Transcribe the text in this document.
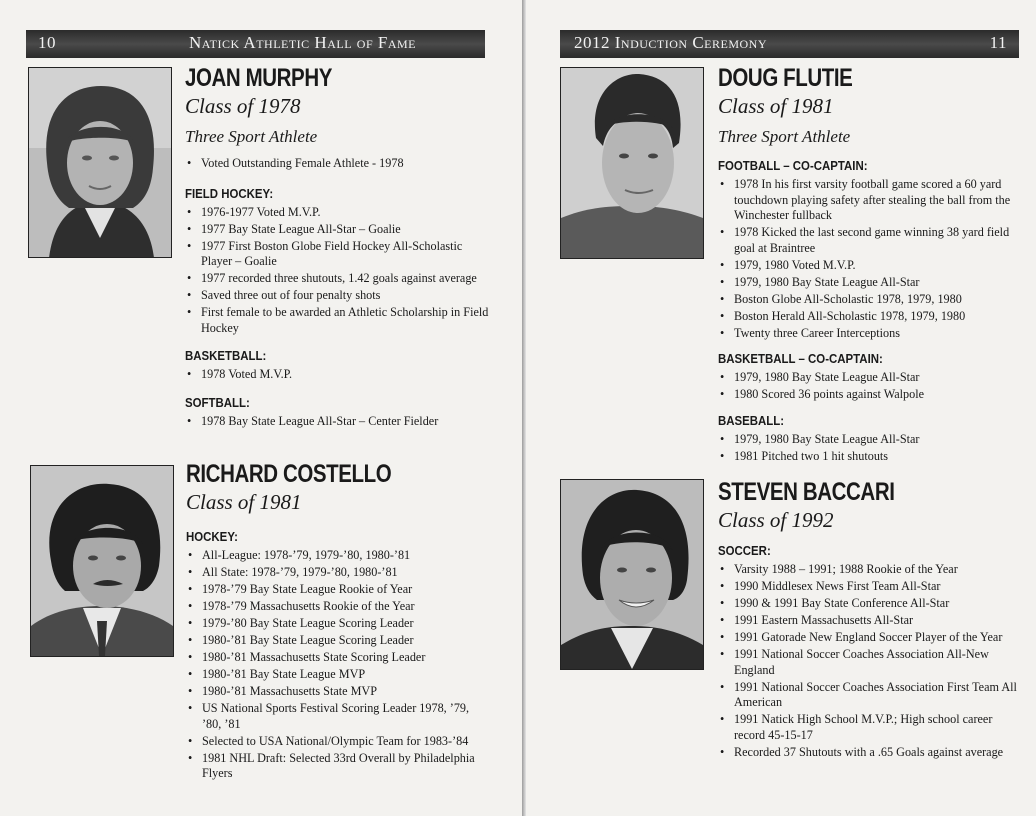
10	Natick Athletic Hall of Fame
JOAN MURPHY
Class of 1978
Three Sport Athlete
• Voted Outstanding Female Athlete - 1978
FIELD HOCKEY:
• 1976-1977 Voted M.V.P.
• 1977 Bay State League All-Star – Goalie
• 1977 First Boston Globe Field Hockey All-Scholastic Player – Goalie
• 1977 recorded three shutouts, 1.42 goals against average
• Saved three out of four penalty shots
• First female to be awarded an Athletic Scholarship in Field Hockey
BASKETBALL:
• 1978 Voted M.V.P.
SOFTBALL:
• 1978 Bay State League All-Star – Center Fielder
RICHARD COSTELLO
Class of 1981
HOCKEY:
• All-League: 1978-’79, 1979-’80, 1980-’81
• All State: 1978-’79, 1979-’80, 1980-’81
• 1978-’79 Bay State League Rookie of Year
• 1978-’79 Massachusetts Rookie of the Year
• 1979-’80 Bay State League Scoring Leader
• 1980-’81 Bay State League Scoring Leader
• 1980-’81 Massachusetts State Scoring Leader
• 1980-’81 Bay State League MVP
• 1980-’81 Massachusetts State MVP
• US National Sports Festival Scoring Leader 1978, ’79, ’80, ’81
• Selected to USA National/Olympic Team for 1983-’84
• 1981 NHL Draft: Selected 33rd Overall by Philadelphia Flyers
2012 Induction Ceremony	11
DOUG FLUTIE
Class of 1981
Three Sport Athlete
FOOTBALL – CO-CAPTAIN:
• 1978 In his first varsity football game scored a 60 yard touchdown playing safety after stealing the ball from the Winchester fullback
• 1978 Kicked the last second game winning 38 yard field goal at Braintree
• 1979, 1980 Voted M.V.P.
• 1979, 1980 Bay State League All-Star
• Boston Globe All-Scholastic 1978, 1979, 1980
• Boston Herald All-Scholastic 1978, 1979, 1980
• Twenty three Career Interceptions
BASKETBALL – CO-CAPTAIN:
• 1979, 1980 Bay State League All-Star
• 1980 Scored 36 points against Walpole
BASEBALL:
• 1979, 1980 Bay State League All-Star
• 1981 Pitched two 1 hit shutouts
STEVEN BACCARI
Class of 1992
SOCCER:
• Varsity 1988 – 1991; 1988 Rookie of the Year
• 1990 Middlesex News First Team All-Star
• 1990 & 1991 Bay State Conference All-Star
• 1991 Eastern Massachusetts All-Star
• 1991 Gatorade New England Soccer Player of the Year
• 1991 National Soccer Coaches Association All-New England
• 1991 National Soccer Coaches Association First Team All American
• 1991 Natick High School M.V.P.; High school career record 45-15-17
• Recorded 37 Shutouts with a .65 Goals against average
